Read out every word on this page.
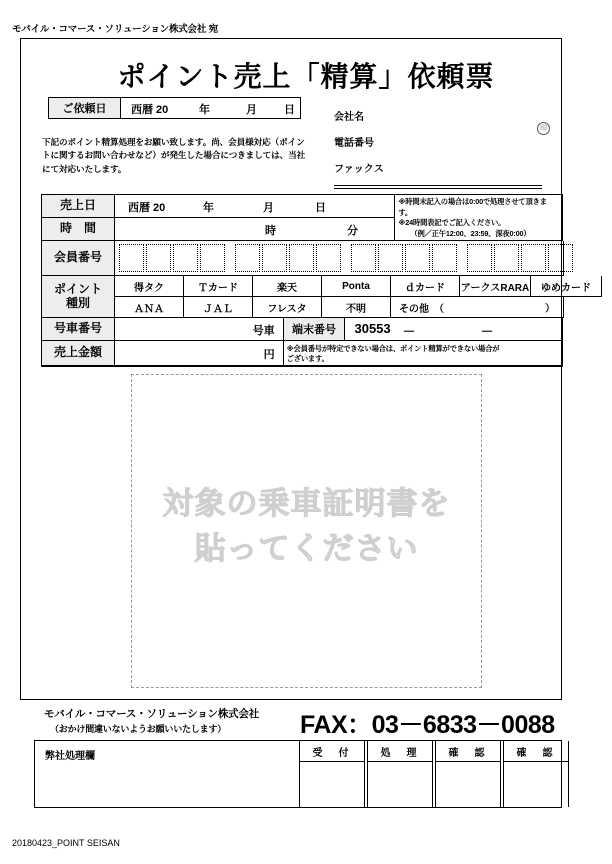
モバイル・コマース・ソリューション株式会社 宛
ポイント売上「精算」依頼票
ご依頼日	西暦 20	年	月 日
下記のポイント精算処理をお願い致します。尚、会員様対応（ポイントに関するお問い合わせなど）が発生した場合につきましては、当社にて対応いたします。
会社名
電話番号
ファックス
印
売上日	西暦 20	年	月	日
※時間未記入の場合は0:00で処理させて頂きます。
※24時間表記でご記入ください。
（例／正午12:00、23:59、深夜0:00）
時　間	時	分
会員番号
ポイント
種別
得タク	Ｔカード	楽天	Ponta	ｄカード	アークスRARA	ゆめカード
ＡＮＡ	ＪＡＬ	フレスタ	不明	その他　（	）
号車番号	号車	端末番号	30553 －	－
売上金額	円
※会員番号が特定できない場合は、ポイント精算ができない場合が
ございます。
対象の乗車証明書を
貼ってください
モバイル・コマース・ソリューション株式会社
（おかけ間違いないようお願いいたします）	FAX：03－6833－0088
弊社処理欄	受　付	処　理	確　認	確　認
20180423_POINT SEISAN
